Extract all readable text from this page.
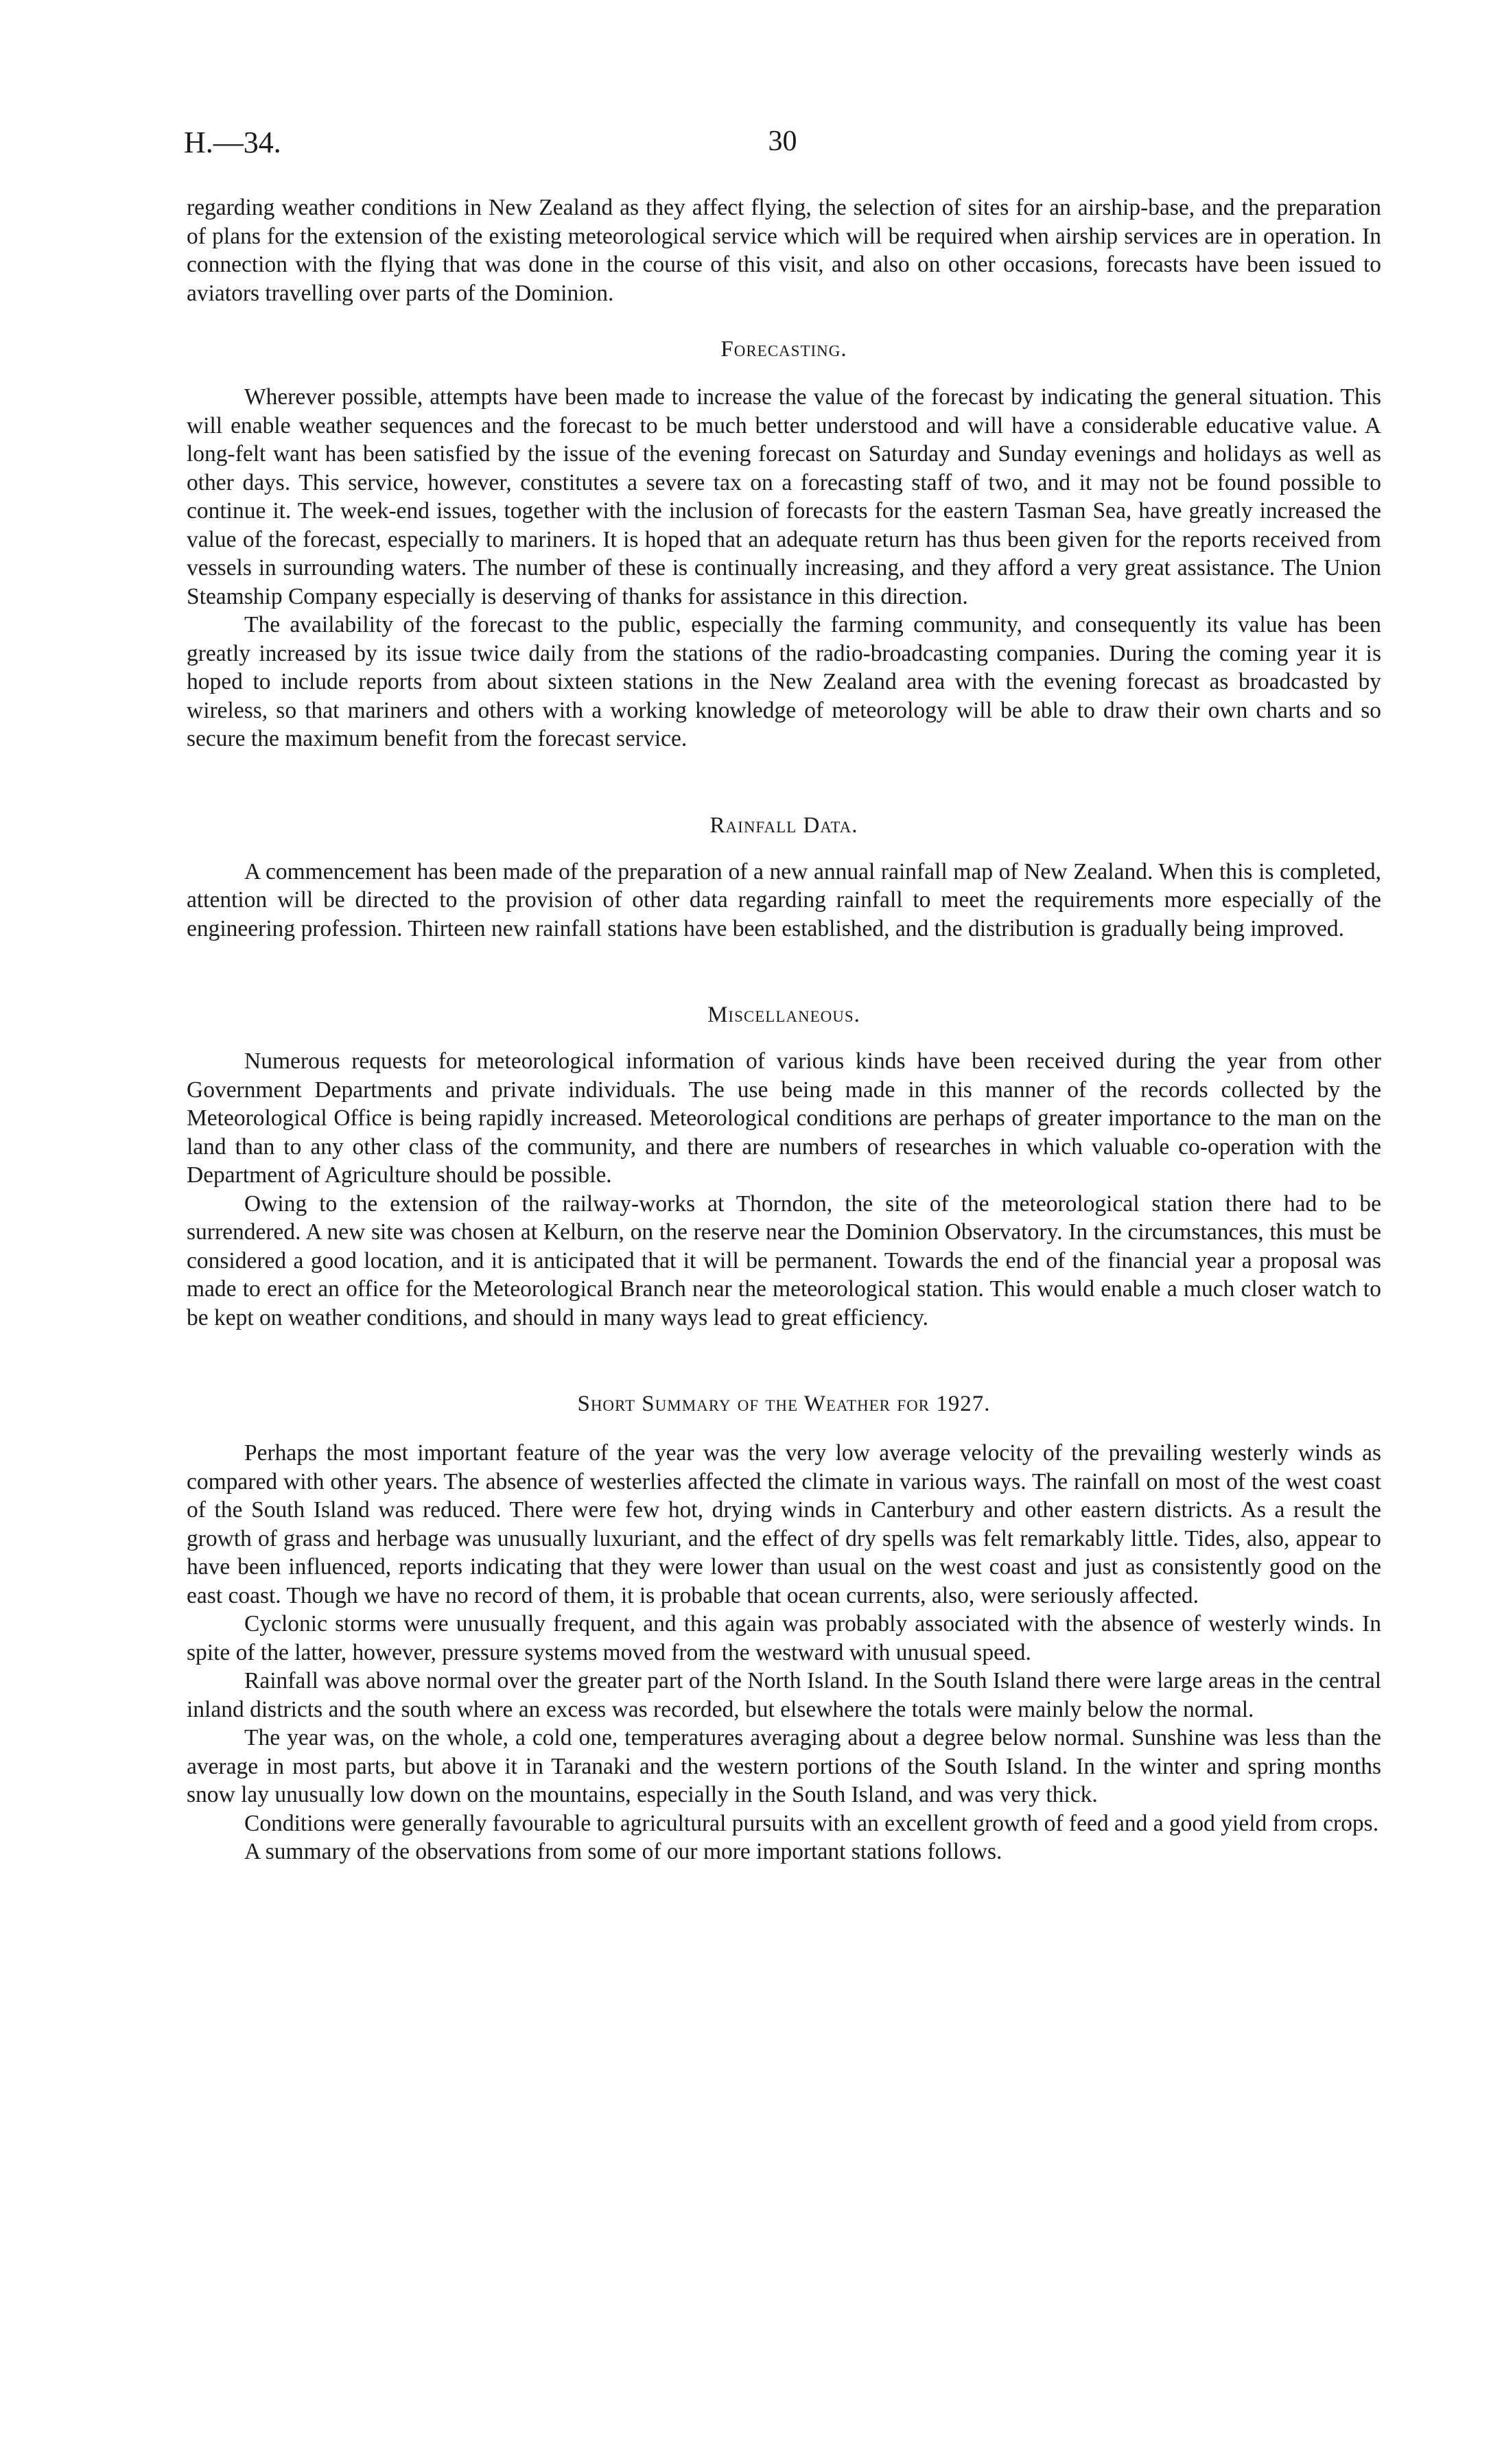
H.—34.	30

regarding weather conditions in New Zealand as they affect flying, the selection of sites for an airship-base, and the preparation of plans for the extension of the existing meteorological service which will be required when airship services are in operation. In connection with the flying that was done in the course of this visit, and also on other occasions, forecasts have been issued to aviators travelling over parts of the Dominion.

Forecasting.

Wherever possible, attempts have been made to increase the value of the forecast by indicating the general situation. This will enable weather sequences and the forecast to be much better understood and will have a considerable educative value. A long-felt want has been satisfied by the issue of the evening forecast on Saturday and Sunday evenings and holidays as well as other days. This service, however, constitutes a severe tax on a forecasting staff of two, and it may not be found possible to continue it. The week-end issues, together with the inclusion of forecasts for the eastern Tasman Sea, have greatly increased the value of the forecast, especially to mariners. It is hoped that an adequate return has thus been given for the reports received from vessels in surrounding waters. The number of these is continually increasing, and they afford a very great assistance. The Union Steamship Company especially is deserving of thanks for assistance in this direction.

The availability of the forecast to the public, especially the farming community, and consequently its value has been greatly increased by its issue twice daily from the stations of the radio-broadcasting companies. During the coming year it is hoped to include reports from about sixteen stations in the New Zealand area with the evening forecast as broadcasted by wireless, so that mariners and others with a working knowledge of meteorology will be able to draw their own charts and so secure the maximum benefit from the forecast service.

Rainfall Data.

A commencement has been made of the preparation of a new annual rainfall map of New Zealand. When this is completed, attention will be directed to the provision of other data regarding rainfall to meet the requirements more especially of the engineering profession. Thirteen new rainfall stations have been established, and the distribution is gradually being improved.

Miscellaneous.

Numerous requests for meteorological information of various kinds have been received during the year from other Government Departments and private individuals. The use being made in this manner of the records collected by the Meteorological Office is being rapidly increased. Meteorological conditions are perhaps of greater importance to the man on the land than to any other class of the community, and there are numbers of researches in which valuable co-operation with the Department of Agriculture should be possible.

Owing to the extension of the railway-works at Thorndon, the site of the meteorological station there had to be surrendered. A new site was chosen at Kelburn, on the reserve near the Dominion Observatory. In the circumstances, this must be considered a good location, and it is anticipated that it will be permanent. Towards the end of the financial year a proposal was made to erect an office for the Meteorological Branch near the meteorological station. This would enable a much closer watch to be kept on weather conditions, and should in many ways lead to great efficiency.

Short Summary of the Weather for 1927.

Perhaps the most important feature of the year was the very low average velocity of the prevailing westerly winds as compared with other years. The absence of westerlies affected the climate in various ways. The rainfall on most of the west coast of the South Island was reduced. There were few hot, drying winds in Canterbury and other eastern districts. As a result the growth of grass and herbage was unusually luxuriant, and the effect of dry spells was felt remarkably little. Tides, also, appear to have been influenced, reports indicating that they were lower than usual on the west coast and just as consistently good on the east coast. Though we have no record of them, it is probable that ocean currents, also, were seriously affected.

Cyclonic storms were unusually frequent, and this again was probably associated with the absence of westerly winds. In spite of the latter, however, pressure systems moved from the westward with unusual speed.

Rainfall was above normal over the greater part of the North Island. In the South Island there were large areas in the central inland districts and the south where an excess was recorded, but elsewhere the totals were mainly below the normal.

The year was, on the whole, a cold one, temperatures averaging about a degree below normal. Sunshine was less than the average in most parts, but above it in Taranaki and the western portions of the South Island. In the winter and spring months snow lay unusually low down on the mountains, especially in the South Island, and was very thick.

Conditions were generally favourable to agricultural pursuits with an excellent growth of feed and a good yield from crops.

A summary of the observations from some of our more important stations follows.
